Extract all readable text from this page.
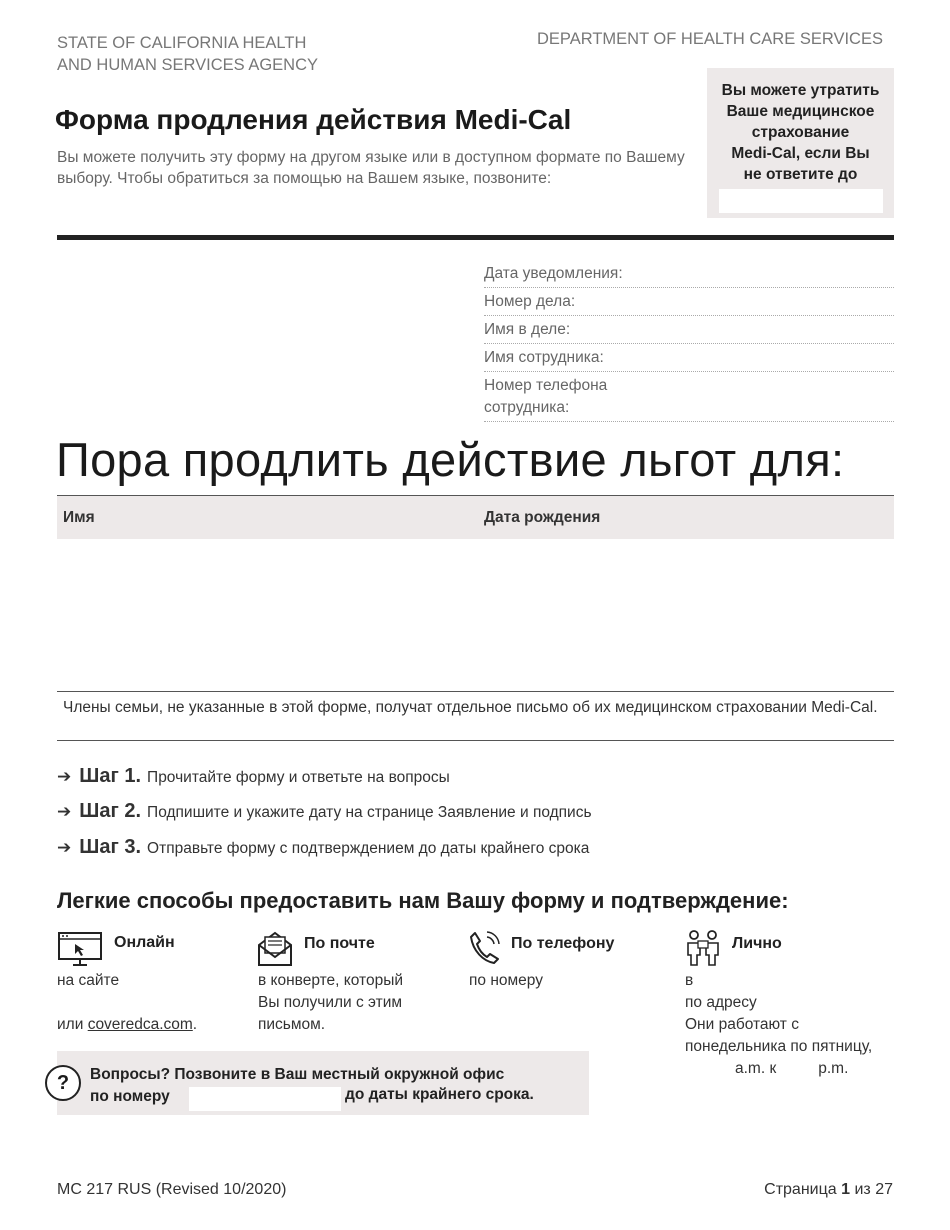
STATE OF CALIFORNIA HEALTH
AND HUMAN SERVICES AGENCY
DEPARTMENT OF HEALTH CARE SERVICES
Вы можете утратить
Ваше медицинское
страхование
Medi-Cal, если Вы
не ответите до
Форма продления действия Medi-Cal
Вы можете получить эту форму на другом языке или в доступном формате по Вашему выбору. Чтобы обратиться за помощью на Вашем языке, позвоните:
Дата уведомления:
Номер дела:
Имя в деле:
Имя сотрудника:
Номер телефона
сотрудника:
Пора продлить действие льгот для:
Имя	Дата рождения
Члены семьи, не указанные в этой форме, получат отдельное письмо об их медицинском страховании Medi-Cal.
➔ Шаг 1. Прочитайте форму и ответьте на вопросы
➔ Шаг 2. Подпишите и укажите дату на странице Заявление и подпись
➔ Шаг 3. Отправьте форму с подтверждением до даты крайнего срока
Легкие способы предоставить нам Вашу форму и подтверждение:
Онлайн
на сайте
или coveredca.com.
По почте
в конверте, который
Вы получили с этим
письмом.
По телефону
по номеру
Лично
в
по адресу
Они работают с
понедельника по пятницу,
a.m. к	p.m.
Вопросы? Позвоните в Ваш местный окружной офис
по номеру	до даты крайнего срока.
?
MC 217 RUS (Revised 10/2020)	Страница 1 из 27
